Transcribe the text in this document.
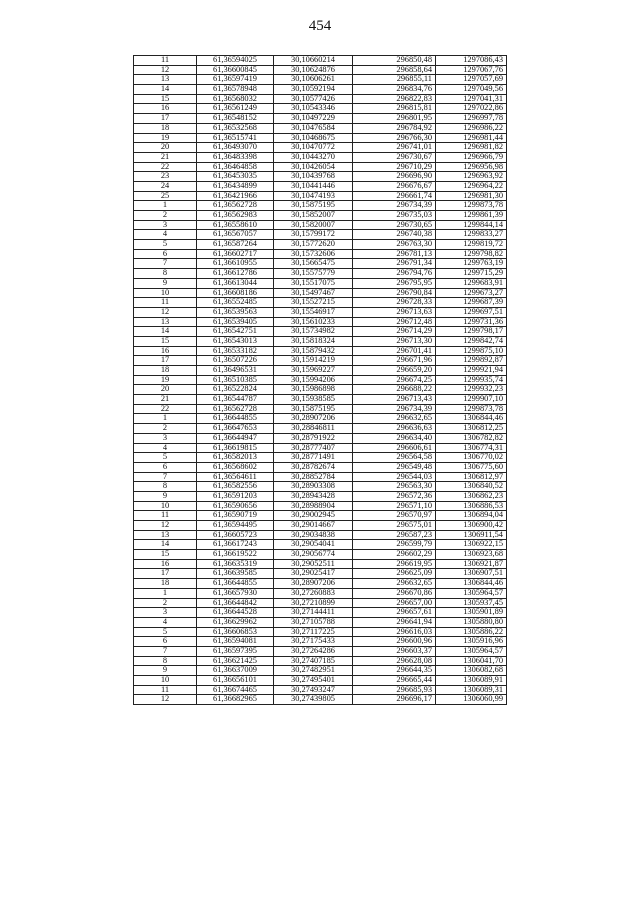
454
11	61,36594025	30,10660214	296850,48	1297086,43
12	61,36600845	30,10624876	296858,64	1297067,76
13	61,36597419	30,10606261	296855,11	1297057,69
14	61,36578948	30,10592194	296834,76	1297049,56
15	61,36568032	30,10577426	296822,83	1297041,31
16	61,36561249	30,10543346	296815,81	1297022,86
17	61,36548152	30,10497229	296801,95	1296997,78
18	61,36532568	30,10476584	296784,92	1296986,22
19	61,36515741	30,10468675	296766,30	1296981,44
20	61,36493070	30,10470772	296741,01	1296981,82
21	61,36483398	30,10443270	296730,67	1296966,79
22	61,36464858	30,10426054	296710,29	1296956,98
23	61,36453035	30,10439768	296696,90	1296963,92
24	61,36434899	30,10441446	296676,67	1296964,22
25	61,36421966	30,10474193	296661,74	1296981,30
1	61,36562728	30,15875195	296734,39	1299873,78
2	61,36562983	30,15852007	296735,03	1299861,39
3	61,36558610	30,15820007	296730,65	1299844,14
4	61,36567057	30,15799172	296740,38	1299833,27
5	61,36587264	30,15772620	296763,30	1299819,72
6	61,36602717	30,15732606	296781,13	1299798,82
7	61,36610955	30,15665475	296791,34	1299763,19
8	61,36612786	30,15575779	296794,76	1299715,29
9	61,36613044	30,15517075	296795,95	1299683,91
10	61,36608186	30,15497467	296790,84	1299673,27
11	61,36552485	30,15527215	296728,33	1299687,39
12	61,36539563	30,15546917	296713,63	1299697,51
13	61,36539405	30,15610233	296712,48	1299731,36
14	61,36542751	30,15734982	296714,29	1299798,17
15	61,36543013	30,15818324	296713,30	1299842,74
16	61,36533182	30,15879432	296701,41	1299875,10
17	61,36507226	30,15914219	296671,96	1299892,87
18	61,36496531	30,15969227	296659,20	1299921,94
19	61,36510385	30,15994206	296674,25	1299935,74
20	61,36522824	30,15986898	296688,22	1299932,23
21	61,36544787	30,15938585	296713,43	1299907,10
22	61,36562728	30,15875195	296734,39	1299873,78
1	61,36644855	30,28907206	296632,65	1306844,46
2	61,36647653	30,28846811	296636,63	1306812,25
3	61,36644947	30,28791922	296634,40	1306782,82
4	61,36619815	30,28777407	296606,61	1306774,31
5	61,36582013	30,28771491	296564,58	1306770,02
6	61,36568602	30,28782674	296549,48	1306775,60
7	61,36564611	30,28852784	296544,03	1306812,97
8	61,36582556	30,28903308	296563,30	1306840,52
9	61,36591203	30,28943428	296572,36	1306862,23
10	61,36590656	30,28988904	296571,10	1306886,53
11	61,36590719	30,29002945	296570,97	1306894,04
12	61,36594495	30,29014667	296575,01	1306900,42
13	61,36605723	30,29034838	296587,23	1306911,54
14	61,36617243	30,29054041	296599,79	1306922,15
15	61,36619522	30,29056774	296602,29	1306923,68
16	61,36635319	30,29052511	296619,95	1306921,87
17	61,36639585	30,29025417	296625,09	1306907,51
18	61,36644855	30,28907206	296632,65	1306844,46
1	61,36657930	30,27260883	296670,86	1305964,57
2	61,36644842	30,27210899	296657,00	1305937,45
3	61,36644528	30,27144411	296657,61	1305901,89
4	61,36629962	30,27105788	296641,94	1305880,80
5	61,36606853	30,27117225	296616,03	1305886,22
6	61,36594081	30,27175433	296600,96	1305916,96
7	61,36597395	30,27264286	296603,37	1305964,57
8	61,36621425	30,27407185	296628,08	1306041,70
9	61,36637009	30,27482951	296644,35	1306082,68
10	61,36656101	30,27495401	296665,44	1306089,91
11	61,36674465	30,27493247	296685,93	1306089,31
12	61,36682965	30,27439805	296696,17	1306060,99
